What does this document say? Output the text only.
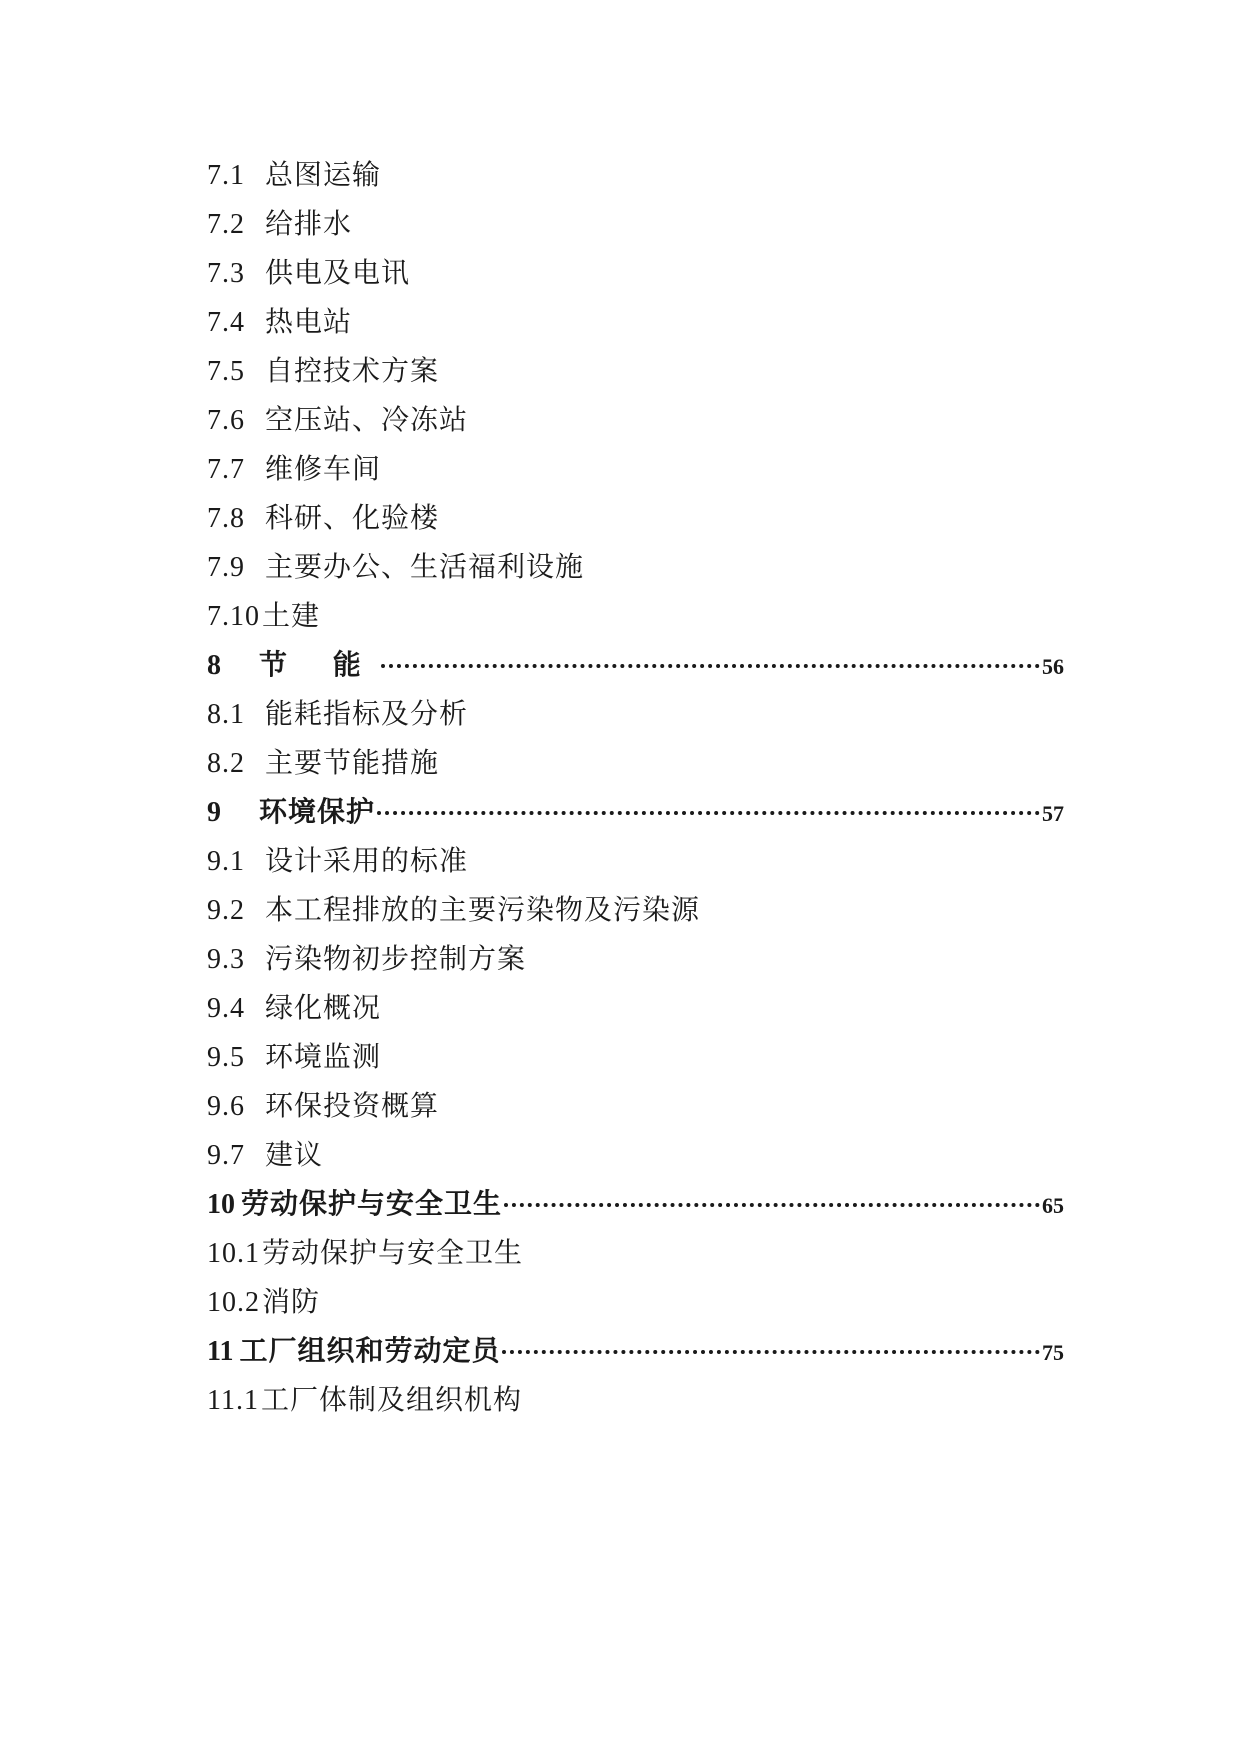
7.1 总图运输
7.2 给排水
7.3 供电及电讯
7.4 热电站
7.5 自控技术方案
7.6 空压站、冷冻站
7.7 维修车间
7.8 科研、化验楼
7.9 主要办公、生活福利设施
7.10土建
8	节 能	56
8.1 能耗指标及分析
8.2 主要节能措施
9	环境保护	57
9.1 设计采用的标准
9.2 本工程排放的主要污染物及污染源
9.3 污染物初步控制方案
9.4 绿化概况
9.5 环境监测
9.6 环保投资概算
9.7 建议
10 劳动保护与安全卫生	65
10.1劳动保护与安全卫生
10.2消防
11 工厂组织和劳动定员	75
11.1工厂体制及组织机构
